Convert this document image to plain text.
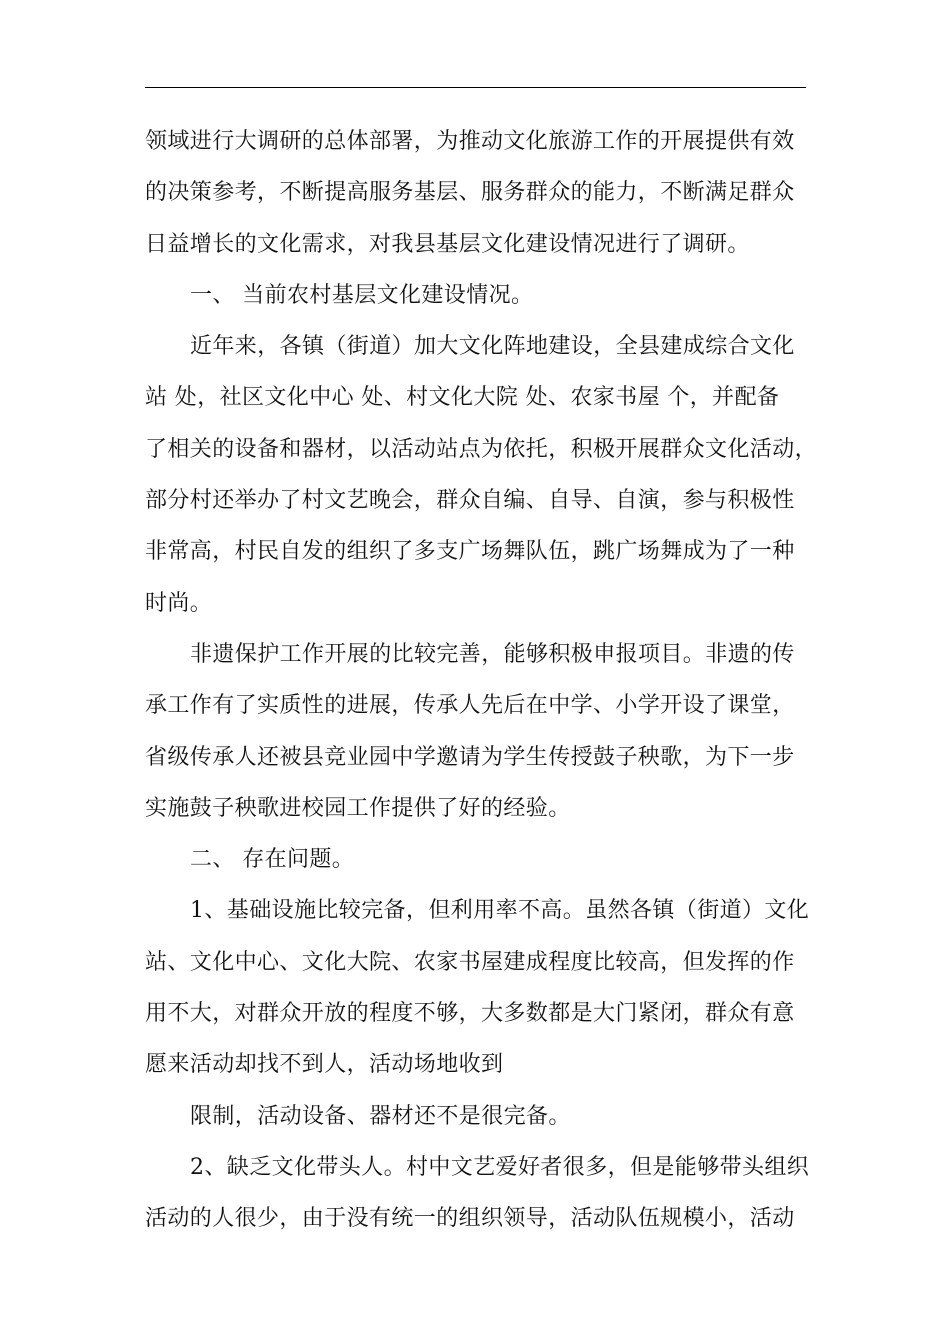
领域进行大调研的总体部署，为推动文化旅游工作的开展提供有效
的决策参考，不断提高服务基层、服务群众的能力，不断满足群众
日益增长的文化需求，对我县基层文化建设情况进行了调研。
一、 当前农村基层文化建设情况。
近年来，各镇（街道）加大文化阵地建设，全县建成综合文化
站 处，社区文化中心 处、村文化大院 处、农家书屋 个，并配备
了相关的设备和器材，以活动站点为依托，积极开展群众文化活动，
部分村还举办了村文艺晚会，群众自编、自导、自演，参与积极性
非常高，村民自发的组织了多支广场舞队伍，跳广场舞成为了一种
时尚。
非遗保护工作开展的比较完善，能够积极申报项目。非遗的传
承工作有了实质性的进展，传承人先后在中学、小学开设了课堂，
省级传承人还被县竞业园中学邀请为学生传授鼓子秧歌，为下一步
实施鼓子秧歌进校园工作提供了好的经验。
二、 存在问题。
1、基础设施比较完备，但利用率不高。虽然各镇（街道）文化
站、文化中心、文化大院、农家书屋建成程度比较高，但发挥的作
用不大，对群众开放的程度不够，大多数都是大门紧闭，群众有意
愿来活动却找不到人，活动场地收到
限制，活动设备、器材还不是很完备。
2、缺乏文化带头人。村中文艺爱好者很多，但是能够带头组织
活动的人很少，由于没有统一的组织领导，活动队伍规模小，活动
